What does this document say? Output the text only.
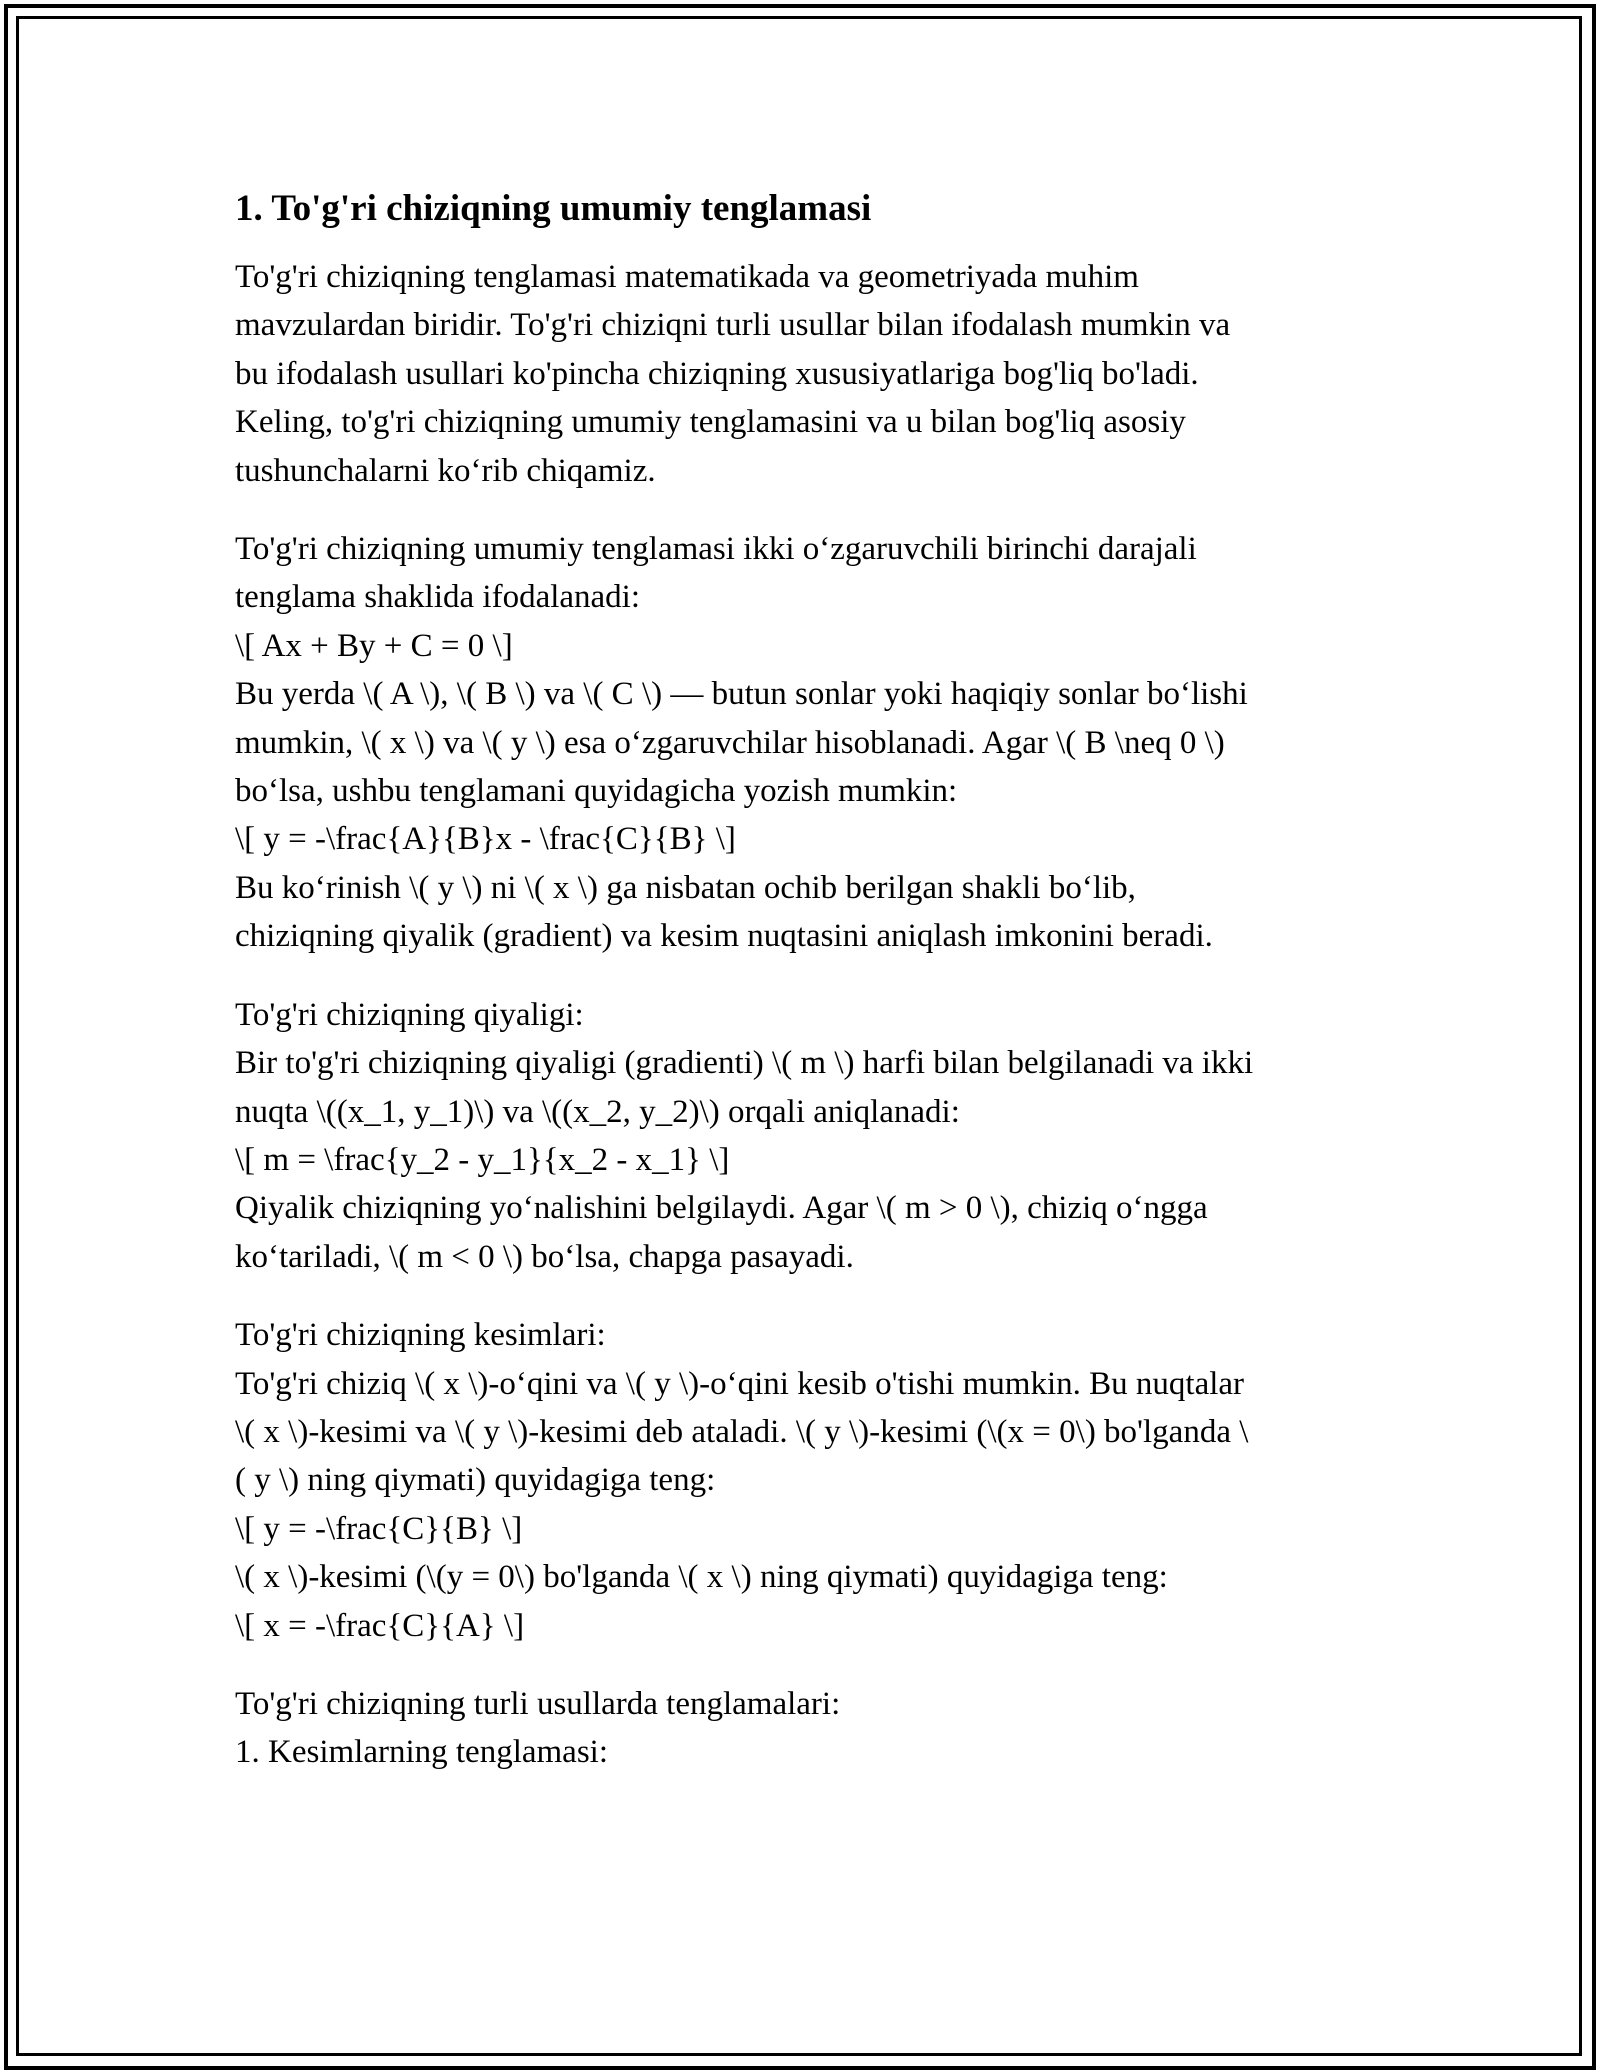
1. To'g'ri chiziqning umumiy tenglamasi
To'g'ri chiziqning tenglamasi matematikada va geometriyada muhim
mavzulardan biridir. To'g'ri chiziqni turli usullar bilan ifodalash mumkin va
bu ifodalash usullari ko'pincha chiziqning xususiyatlariga bog'liq bo'ladi.
Keling, to'g'ri chiziqning umumiy tenglamasini va u bilan bog'liq asosiy
tushunchalarni ko‘rib chiqamiz.
To'g'ri chiziqning umumiy tenglamasi ikki o‘zgaruvchili birinchi darajali
tenglama shaklida ifodalanadi:
\[ Ax + By + C = 0 \]
Bu yerda \( A \), \( B \) va \( C \) — butun sonlar yoki haqiqiy sonlar bo‘lishi
mumkin, \( x \) va \( y \) esa o‘zgaruvchilar hisoblanadi. Agar \( B \neq 0 \)
bo‘lsa, ushbu tenglamani quyidagicha yozish mumkin:
\[ y = -\frac{A}{B}x - \frac{C}{B} \]
Bu ko‘rinish \( y \) ni \( x \) ga nisbatan ochib berilgan shakli bo‘lib,
chiziqning qiyalik (gradient) va kesim nuqtasini aniqlash imkonini beradi.
To'g'ri chiziqning qiyaligi:
Bir to'g'ri chiziqning qiyaligi (gradienti) \( m \) harfi bilan belgilanadi va ikki
nuqta \((x_1, y_1)\) va \((x_2, y_2)\) orqali aniqlanadi:
\[ m = \frac{y_2 - y_1}{x_2 - x_1} \]
Qiyalik chiziqning yo‘nalishini belgilaydi. Agar \( m > 0 \), chiziq o‘ngga
ko‘tariladi, \( m < 0 \) bo‘lsa, chapga pasayadi.
To'g'ri chiziqning kesimlari:
To'g'ri chiziq \( x \)-o‘qini va \( y \)-o‘qini kesib o'tishi mumkin. Bu nuqtalar
\( x \)-kesimi va \( y \)-kesimi deb ataladi. \( y \)-kesimi (\(x = 0\) bo'lganda \
( y \) ning qiymati) quyidagiga teng:
\[ y = -\frac{C}{B} \]
\( x \)-kesimi (\(y = 0\) bo'lganda \( x \) ning qiymati) quyidagiga teng:
\[ x = -\frac{C}{A} \]
To'g'ri chiziqning turli usullarda tenglamalari:
1. Kesimlarning tenglamasi:
